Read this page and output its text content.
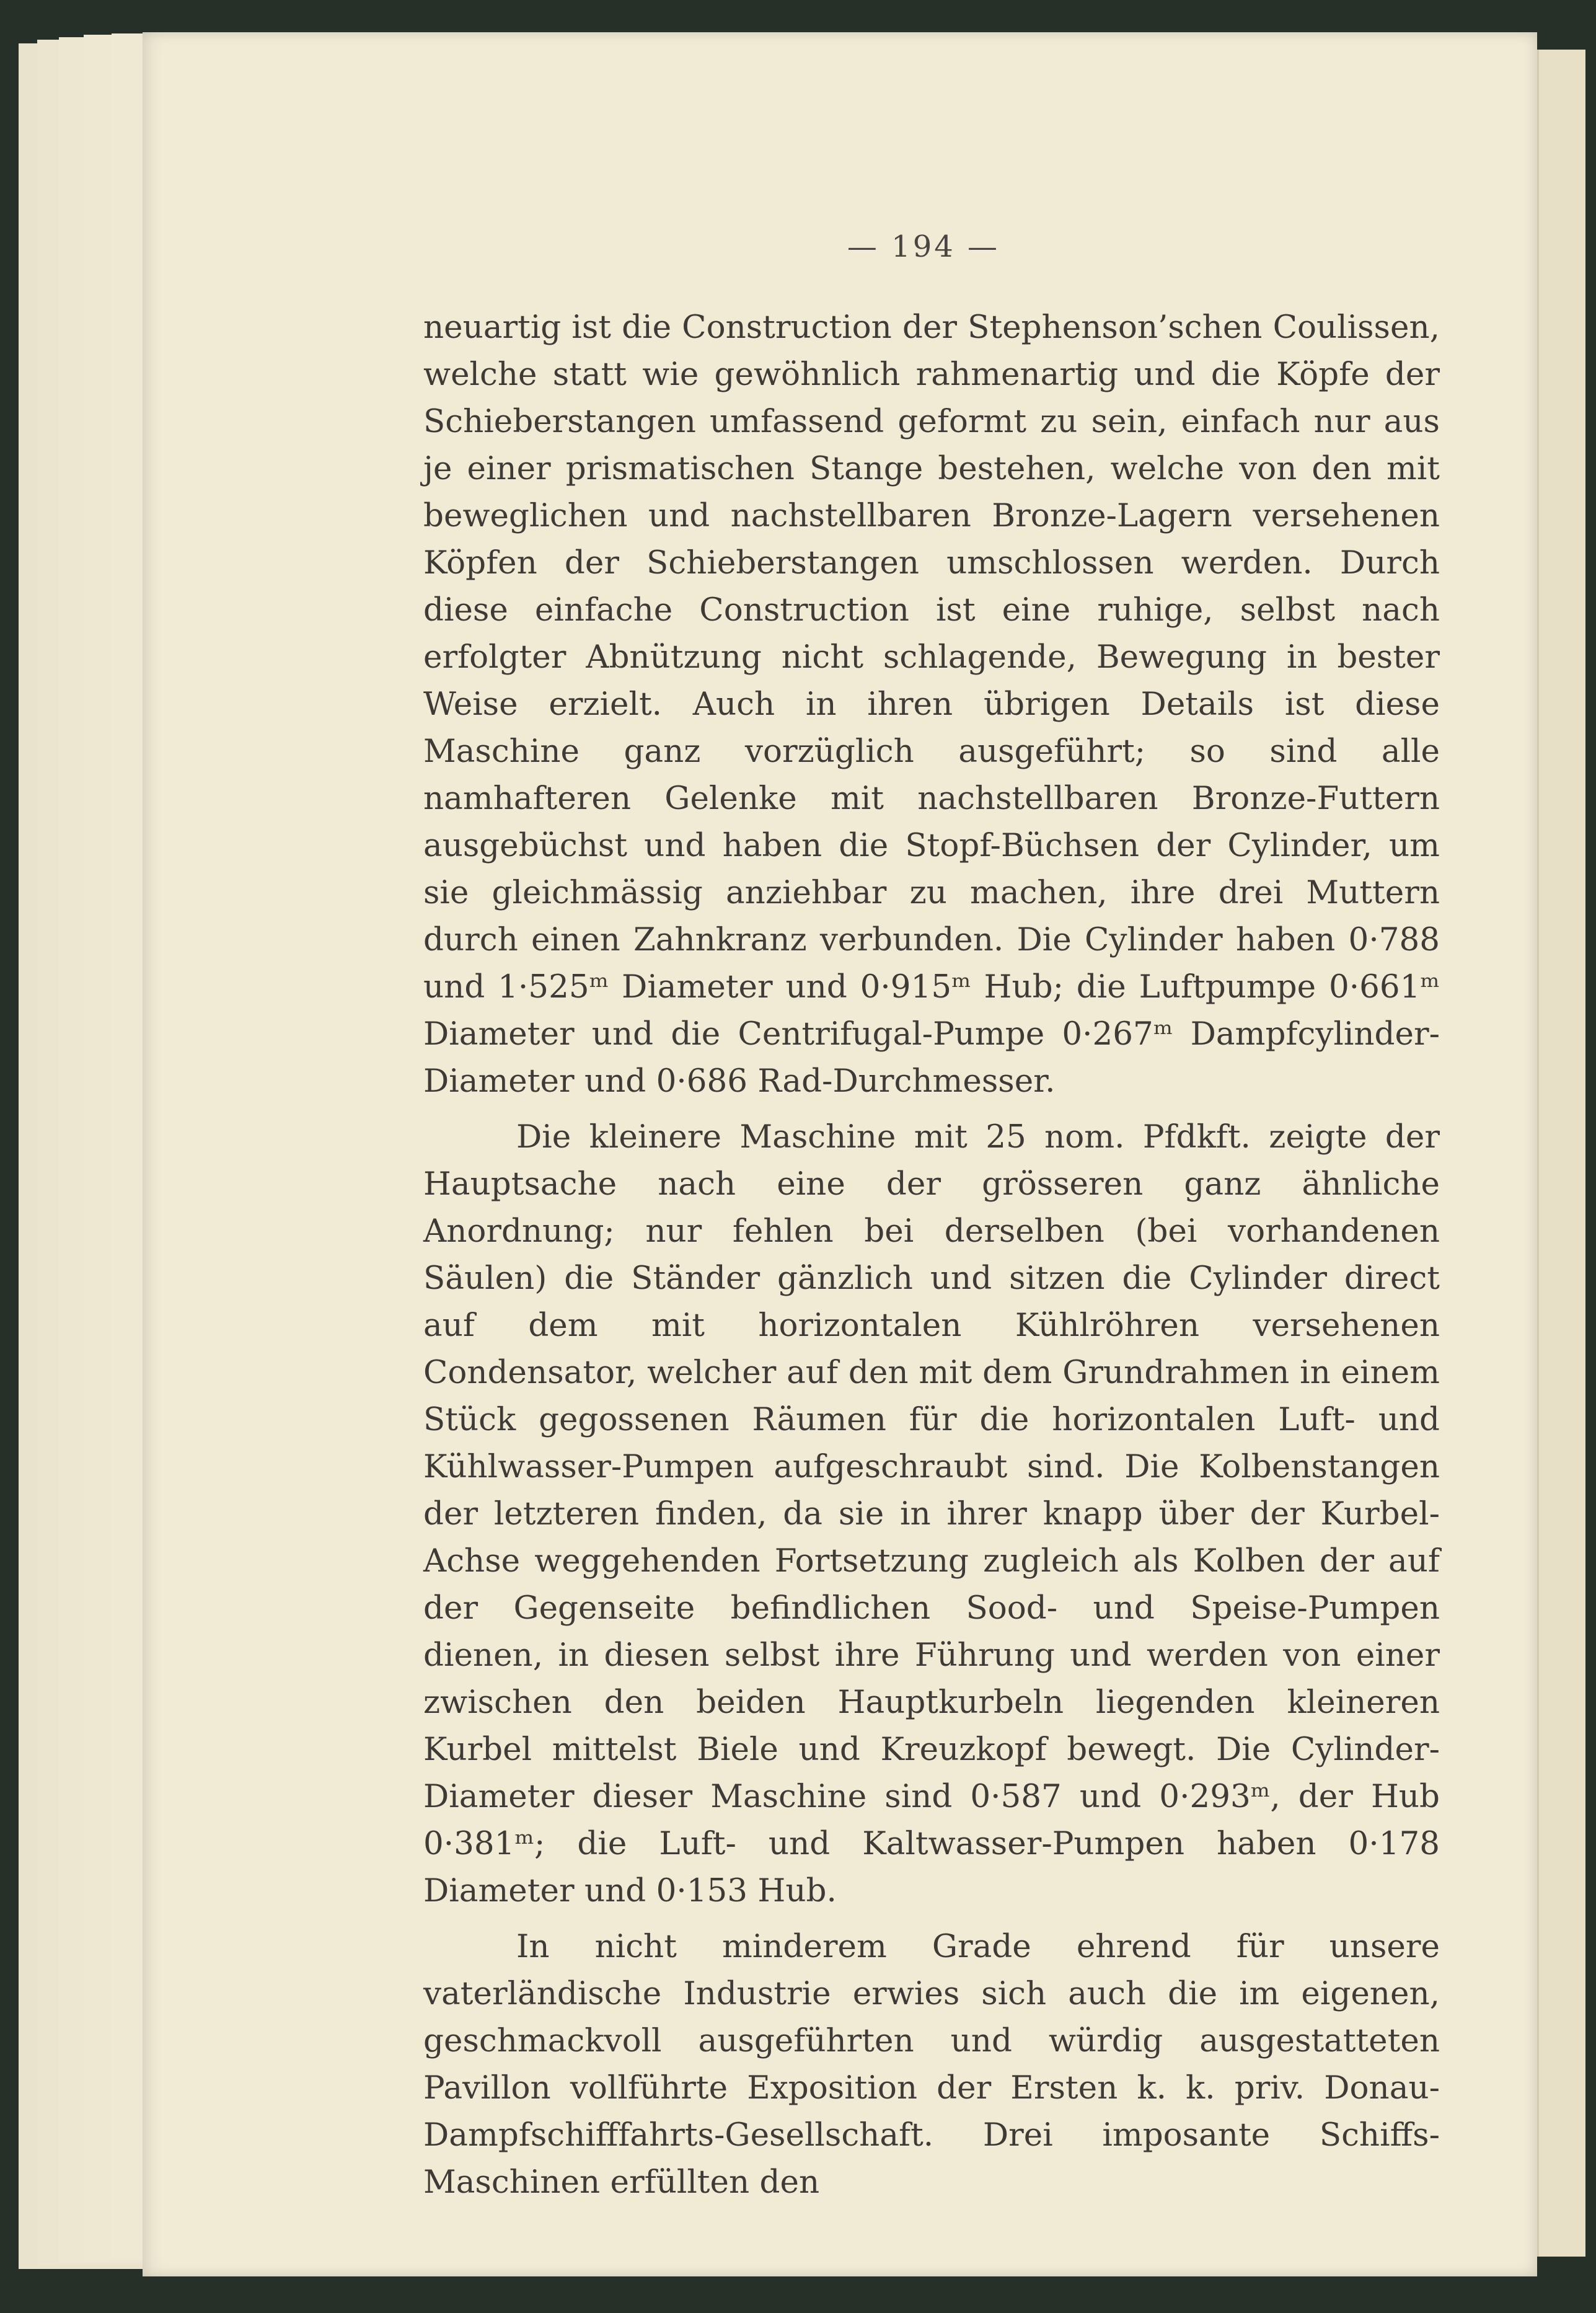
— 194 —

neuartig ist die Construction der Stephenson’schen Coulissen, welche statt wie gewöhnlich rahmenartig und die Köpfe der Schieberstangen umfassend geformt zu sein, einfach nur aus je einer prismatischen Stange bestehen, welche von den mit beweglichen und nachstellbaren Bronze-Lagern versehenen Köpfen der Schieberstangen umschlossen werden. Durch diese einfache Construction ist eine ruhige, selbst nach erfolgter Abnützung nicht schlagende, Bewegung in bester Weise erzielt. Auch in ihren übrigen Details ist diese Maschine ganz vorzüglich ausgeführt; so sind alle namhafteren Gelenke mit nachstellbaren Bronze-Futtern ausgebüchst und haben die Stopf-Büchsen der Cylinder, um sie gleichmässig anziehbar zu machen, ihre drei Muttern durch einen Zahnkranz verbunden. Die Cylinder haben 0·788 und 1·525ᵐ Diameter und 0·915ᵐ Hub; die Luftpumpe 0·661ᵐ Diameter und die Centrifugal-Pumpe 0·267ᵐ Dampfcylinder-Diameter und 0·686 Rad-Durchmesser.

Die kleinere Maschine mit 25 nom. Pfdkft. zeigte der Hauptsache nach eine der grösseren ganz ähnliche Anordnung; nur fehlen bei derselben (bei vorhandenen Säulen) die Ständer gänzlich und sitzen die Cylinder direct auf dem mit horizontalen Kühlröhren versehenen Condensator, welcher auf den mit dem Grundrahmen in einem Stück gegossenen Räumen für die horizontalen Luft- und Kühlwasser-Pumpen aufgeschraubt sind. Die Kolbenstangen der letzteren finden, da sie in ihrer knapp über der Kurbel-Achse weggehenden Fortsetzung zugleich als Kolben der auf der Gegenseite befindlichen Sood- und Speise-Pumpen dienen, in diesen selbst ihre Führung und werden von einer zwischen den beiden Hauptkurbeln liegenden kleineren Kurbel mittelst Biele und Kreuzkopf bewegt. Die Cylinder-Diameter dieser Maschine sind 0·587 und 0·293ᵐ, der Hub 0·381ᵐ; die Luft- und Kaltwasser-Pumpen haben 0·178 Diameter und 0·153 Hub.

In nicht minderem Grade ehrend für unsere vaterländische Industrie erwies sich auch die im eigenen, geschmackvoll ausgeführten und würdig ausgestatteten Pavillon vollführte Exposition der Ersten k. k. priv. Donau-Dampfschifffahrts-Gesellschaft. Drei imposante Schiffs-Maschinen erfüllten den
